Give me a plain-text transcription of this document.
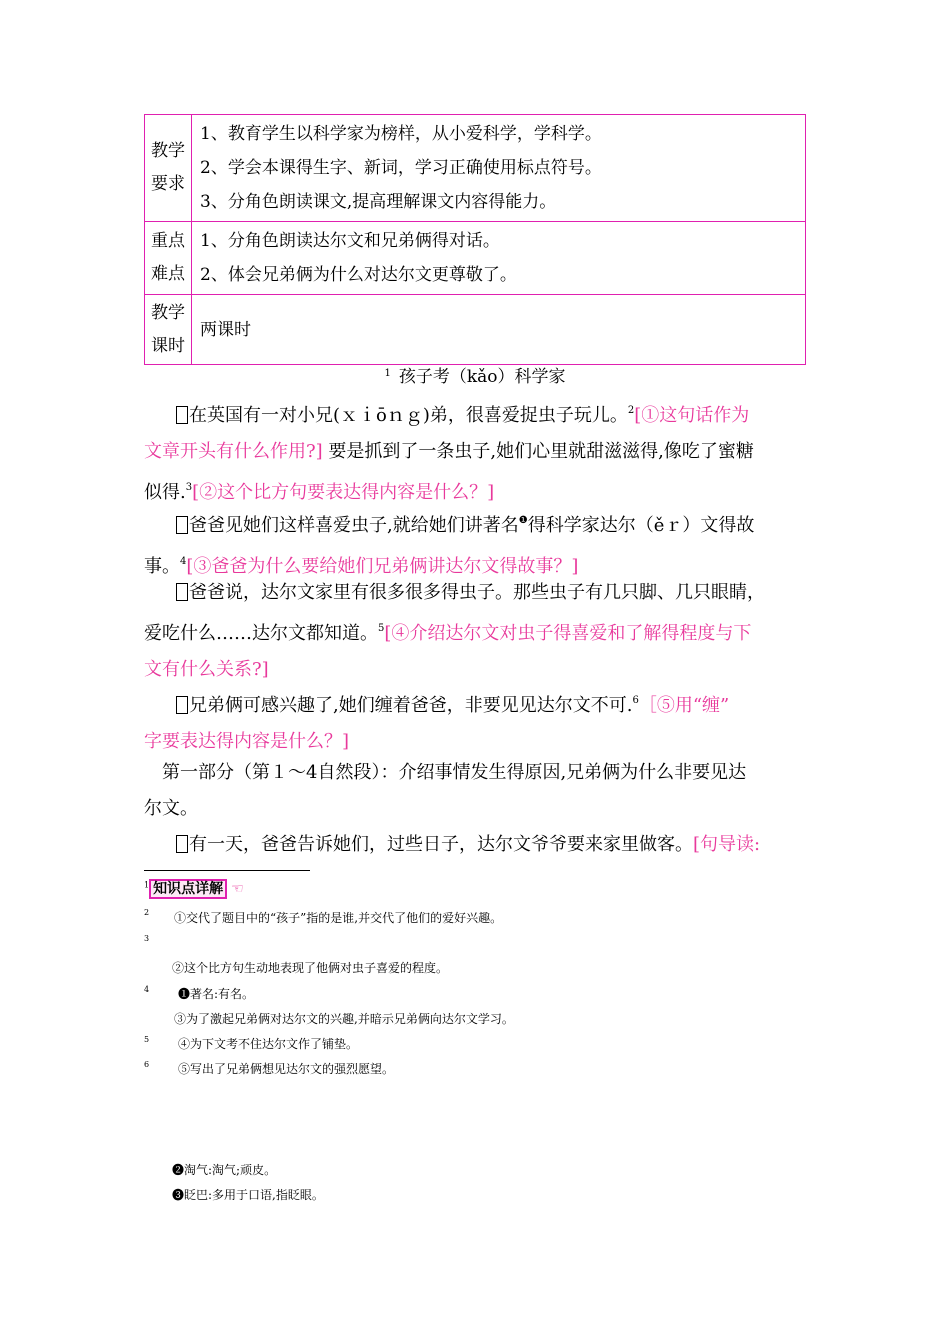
教学要求	1、教育学生以科学家为榜样，从小爱科学，学科学。
2、学会本课得生字、新词，学习正确使用标点符号。
3、分角色朗读课文,提高理解课文内容得能力。

重点难点	1、分角色朗读达尔文和兄弟俩得对话。
2、体会兄弟俩为什么对达尔文更尊敬了。

教学课时	两课时
$^1$ 孩子考（kǎo）科学家
在英国有一对小兄(ｘｉōｎｇ)弟，很喜爱捉虫子玩儿。$^2$[①这句话作为
文章开头有什么作用?] 要是抓到了一条虫子,她们心里就甜滋滋得,像吃了蜜糖
似得.$^3$[②这个比方句要表达得内容是什么？]
爸爸见她们这样喜爱虫子,就给她们讲著名$^❶$得科学家达尔（ěｒ）文得故
事。$^4$[③爸爸为什么要给她们兄弟俩讲达尔文得故事？]
爸爸说，达尔文家里有很多很多得虫子。那些虫子有几只脚、几只眼睛，
爱吃什么……达尔文都知道。$^5$[④介绍达尔文对虫子得喜爱和了解得程度与下
文有什么关系?]
兄弟俩可感兴趣了,她们缠着爸爸，非要见见达尔文不可.$^6$［⑤用“缠”
字要表达得内容是什么？]
第一部分（第１～4自然段）：介绍事情发生得原因,兄弟俩为什么非要见达
尔文。
有一天，爸爸告诉她们，过些日子，达尔文爷爷要来家里做客。[句导读:
$^1$ 知识点详解 ☜
2 ①交代了题目中的“孩子”指的是谁,并交代了他们的爱好兴趣。
3
②这个比方句生动地表现了他俩对虫子喜爱的程度。
4 ❶著名:有名。
③为了激起兄弟俩对达尔文的兴趣,并暗示兄弟俩向达尔文学习。
5 ④为下文考不住达尔文作了铺垫。
6 ⑤写出了兄弟俩想见达尔文的强烈愿望。
❷淘气:淘气;顽皮。
❸眨巴:多用于口语,指眨眼。
